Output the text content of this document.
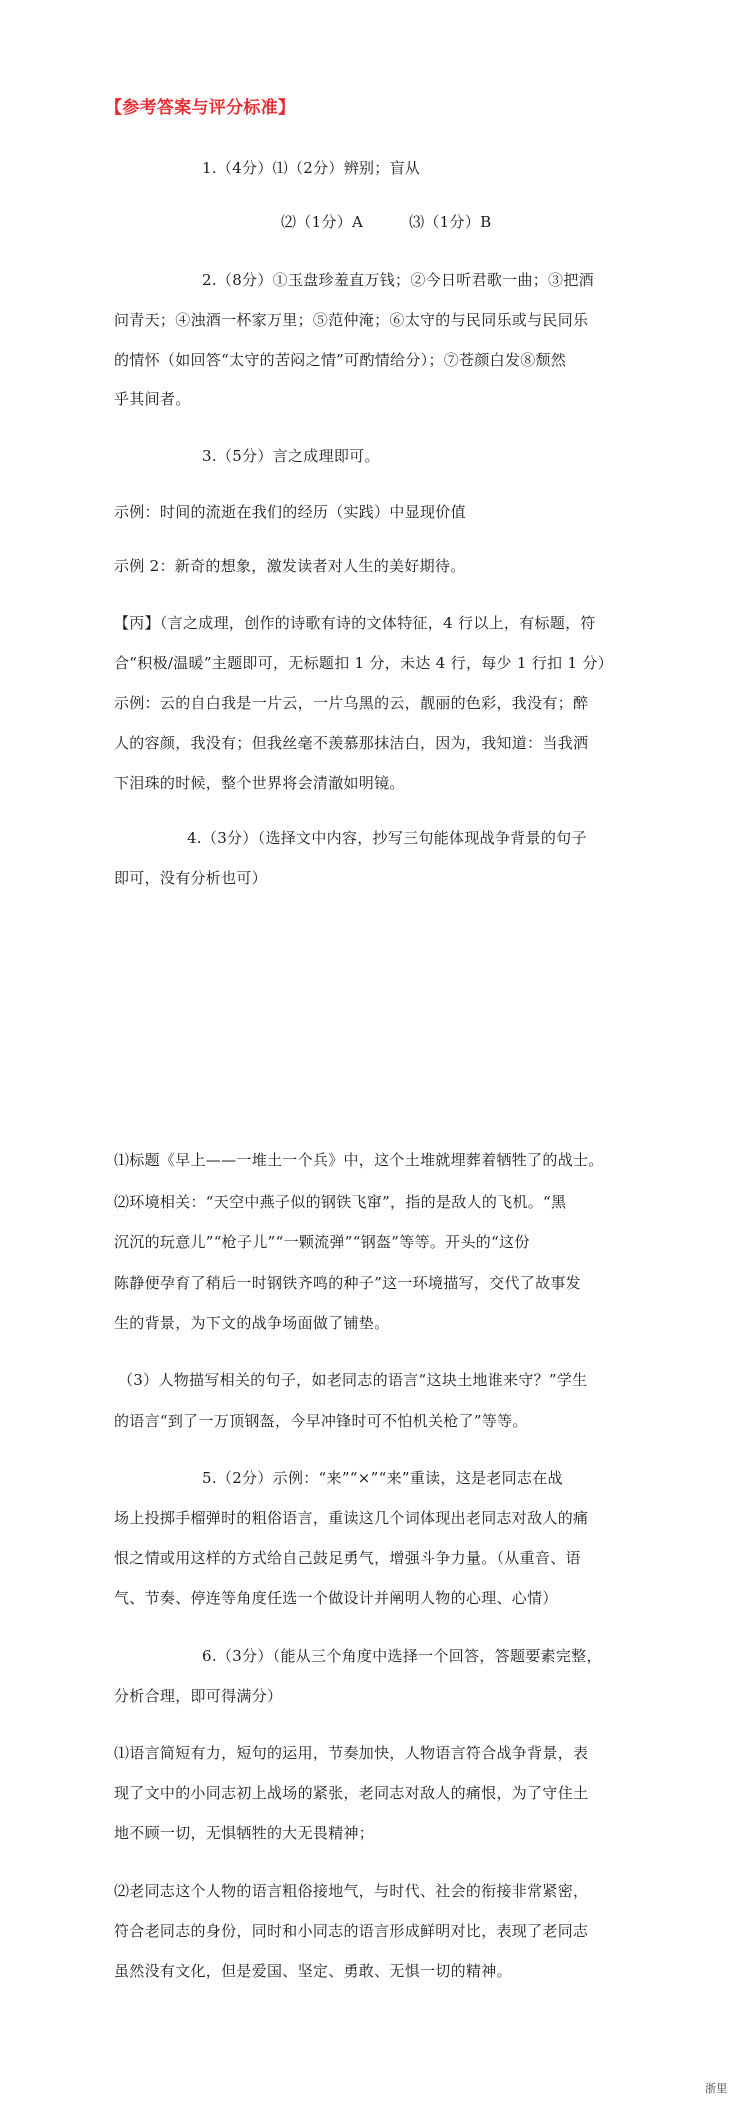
【参考答案与评分标准】
1.（4分）⑴（2分）辨别；盲从
⑵（1分）A　　　⑶（1分）B
2.（8分）①玉盘珍羞直万钱；②今日听君歌一曲；③把酒
问青天；④浊酒一杯家万里；⑤范仲淹；⑥太守的与民同乐或与民同乐
的情怀（如回答“太守的苦闷之情”可酌情给分）；⑦苍颜白发⑧颓然
乎其间者。
3.（5分）言之成理即可。
示例：时间的流逝在我们的经历（实践）中显现价值
示例 2：新奇的想象，激发读者对人生的美好期待。
【丙】（言之成理，创作的诗歌有诗的文体特征，4 行以上，有标题，符
合“积极/温暖”主题即可，无标题扣 1 分，未达 4 行，每少 1 行扣 1 分）
示例：云的自白我是一片云，一片乌黑的云，靓丽的色彩，我没有；醉
人的容颜，我没有；但我丝毫不羡慕那抹洁白，因为，我知道：当我洒
下泪珠的时候，整个世界将会清澈如明镜。
4.（3分）（选择文中内容，抄写三句能体现战争背景的句子
即可，没有分析也可）
⑴标题《早上——一堆土一个兵》中，这个土堆就埋葬着牺牲了的战士。
⑵环境相关：“天空中燕子似的钢铁飞窜”，指的是敌人的飞机。“黑
沉沉的玩意儿”“枪子儿”“一颗流弹”“钢盔”等等。开头的“这份
陈静便孕育了稍后一时钢铁齐鸣的种子”这一环境描写，交代了故事发
生的背景，为下文的战争场面做了铺垫。
（3）人物描写相关的句子，如老同志的语言“这块土地谁来守？”学生
的语言“到了一万顶钢盔，今早冲锋时可不怕机关枪了”等等。
5.（2分）示例：“来”“×”“来”重读，这是老同志在战
场上投掷手榴弹时的粗俗语言，重读这几个词体现出老同志对敌人的痛
恨之情或用这样的方式给自己鼓足勇气，增强斗争力量。（从重音、语
气、节奏、停连等角度任选一个做设计并阐明人物的心理、心情）
6.（3分）（能从三个角度中选择一个回答，答题要素完整，
分析合理，即可得满分）
⑴语言简短有力，短句的运用，节奏加快，人物语言符合战争背景，表
现了文中的小同志初上战场的紧张，老同志对敌人的痛恨，为了守住土
地不顾一切，无惧牺牲的大无畏精神；
⑵老同志这个人物的语言粗俗接地气，与时代、社会的衔接非常紧密，
符合老同志的身份，同时和小同志的语言形成鲜明对比，表现了老同志
虽然没有文化，但是爱国、坚定、勇敢、无惧一切的精神。
浙里
